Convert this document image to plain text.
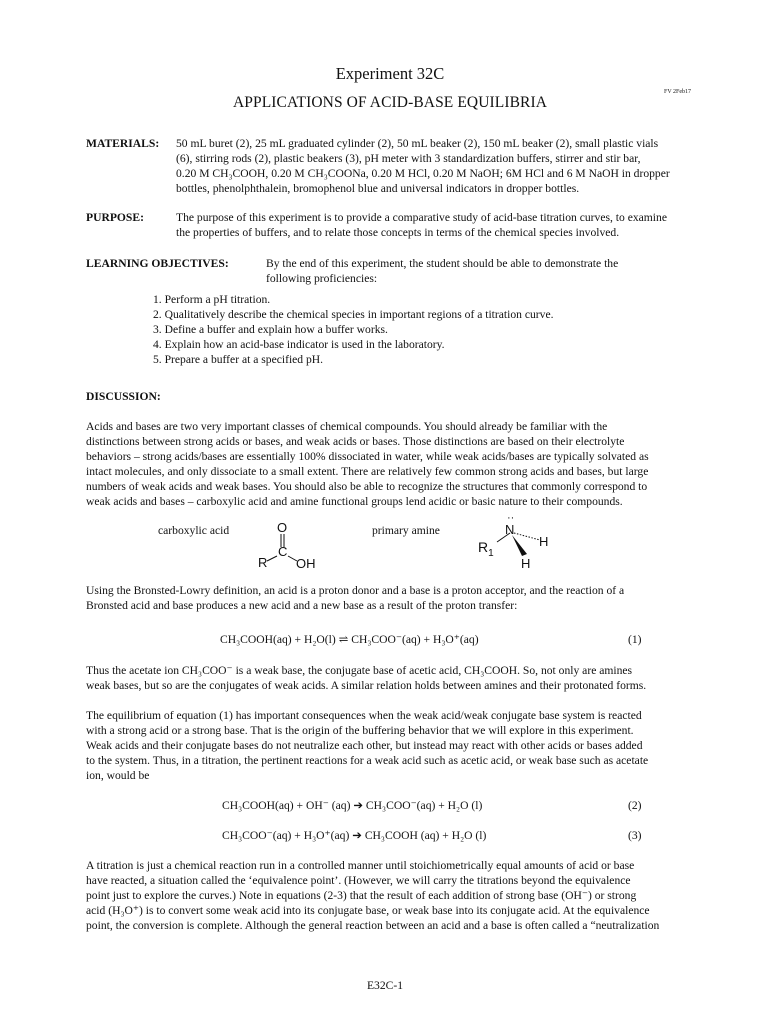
Experiment 32C
FV 2Feb17
APPLICATIONS OF ACID-BASE EQUILIBRIA
MATERIALS: 50 mL buret (2), 25 mL graduated cylinder (2), 50 mL beaker (2), 150 mL beaker (2), small plastic vials
(6), stirring rods (2), plastic beakers (3), pH meter with 3 standardization buffers, stirrer and stir bar,
0.20 M CH₃COOH, 0.20 M CH₃COONa, 0.20 M HCl, 0.20 M NaOH; 6M HCl and 6 M NaOH in dropper
bottles, phenolphthalein, bromophenol blue and universal indicators in dropper bottles.
PURPOSE:	The purpose of this experiment is to provide a comparative study of acid-base titration curves, to examine
the properties of buffers, and to relate those concepts in terms of the chemical species involved.
LEARNING OBJECTIVES:	By the end of this experiment, the student should be able to demonstrate the
following proficiencies:
1. Perform a pH titration.
2. Qualitatively describe the chemical species in important regions of a titration curve.
3. Define a buffer and explain how a buffer works.
4. Explain how an acid-base indicator is used in the laboratory.
5. Prepare a buffer at a specified pH.
DISCUSSION:
Acids and bases are two very important classes of chemical compounds. You should already be familiar with the
distinctions between strong acids or bases, and weak acids or bases. Those distinctions are based on their electrolyte
behaviors – strong acids/bases are essentially 100% dissociated in water, while weak acids/bases are typically solvated as
intact molecules, and only dissociate to a small extent. There are relatively few common strong acids and bases, but large
numbers of weak acids and weak bases. You should also be able to recognize the structures that commonly correspond to
weak acids and bases – carboxylic acid and amine functional groups lend acidic or basic nature to their compounds.
carboxylic acid	primary amine
O
C
R OH
··
N
H
H
$R_1$
Using the Bronsted-Lowry definition, an acid is a proton donor and a base is a proton acceptor, and the reaction of a
Bronsted acid and base produces a new acid and a new base as a result of the proton transfer:
CH₃COOH(aq) + H₂O(l) ⇌ CH₃COO⁻(aq) + H₃O⁺(aq)	(1)
Thus the acetate ion CH₃COO⁻ is a weak base, the conjugate base of acetic acid, CH₃COOH. So, not only are amines
weak bases, but so are the conjugates of weak acids. A similar relation holds between amines and their protonated forms.
The equilibrium of equation (1) has important consequences when the weak acid/weak conjugate base system is reacted
with a strong acid or a strong base. That is the origin of the buffering behavior that we will explore in this experiment.
Weak acids and their conjugate bases do not neutralize each other, but instead may react with other acids or bases added
to the system. Thus, in a titration, the pertinent reactions for a weak acid such as acetic acid, or weak base such as acetate
ion, would be
CH₃COOH(aq) + OH⁻ (aq) ➔ CH₃COO⁻(aq) + H₂O (l)	(2)
CH₃COO⁻(aq) + H₃O⁺(aq) ➔ CH₃COOH (aq) + H₂O (l)	(3)
A titration is just a chemical reaction run in a controlled manner until stoichiometrically equal amounts of acid or base
have reacted, a situation called the ‘equivalence point’. (However, we will carry the titrations beyond the equivalence
point just to explore the curves.) Note in equations (2-3) that the result of each addition of strong base (OH⁻) or strong
acid (H₃O⁺) is to convert some weak acid into its conjugate base, or weak base into its conjugate acid. At the equivalence
point, the conversion is complete. Although the general reaction between an acid and a base is often called a “neutralization
E32C-1
